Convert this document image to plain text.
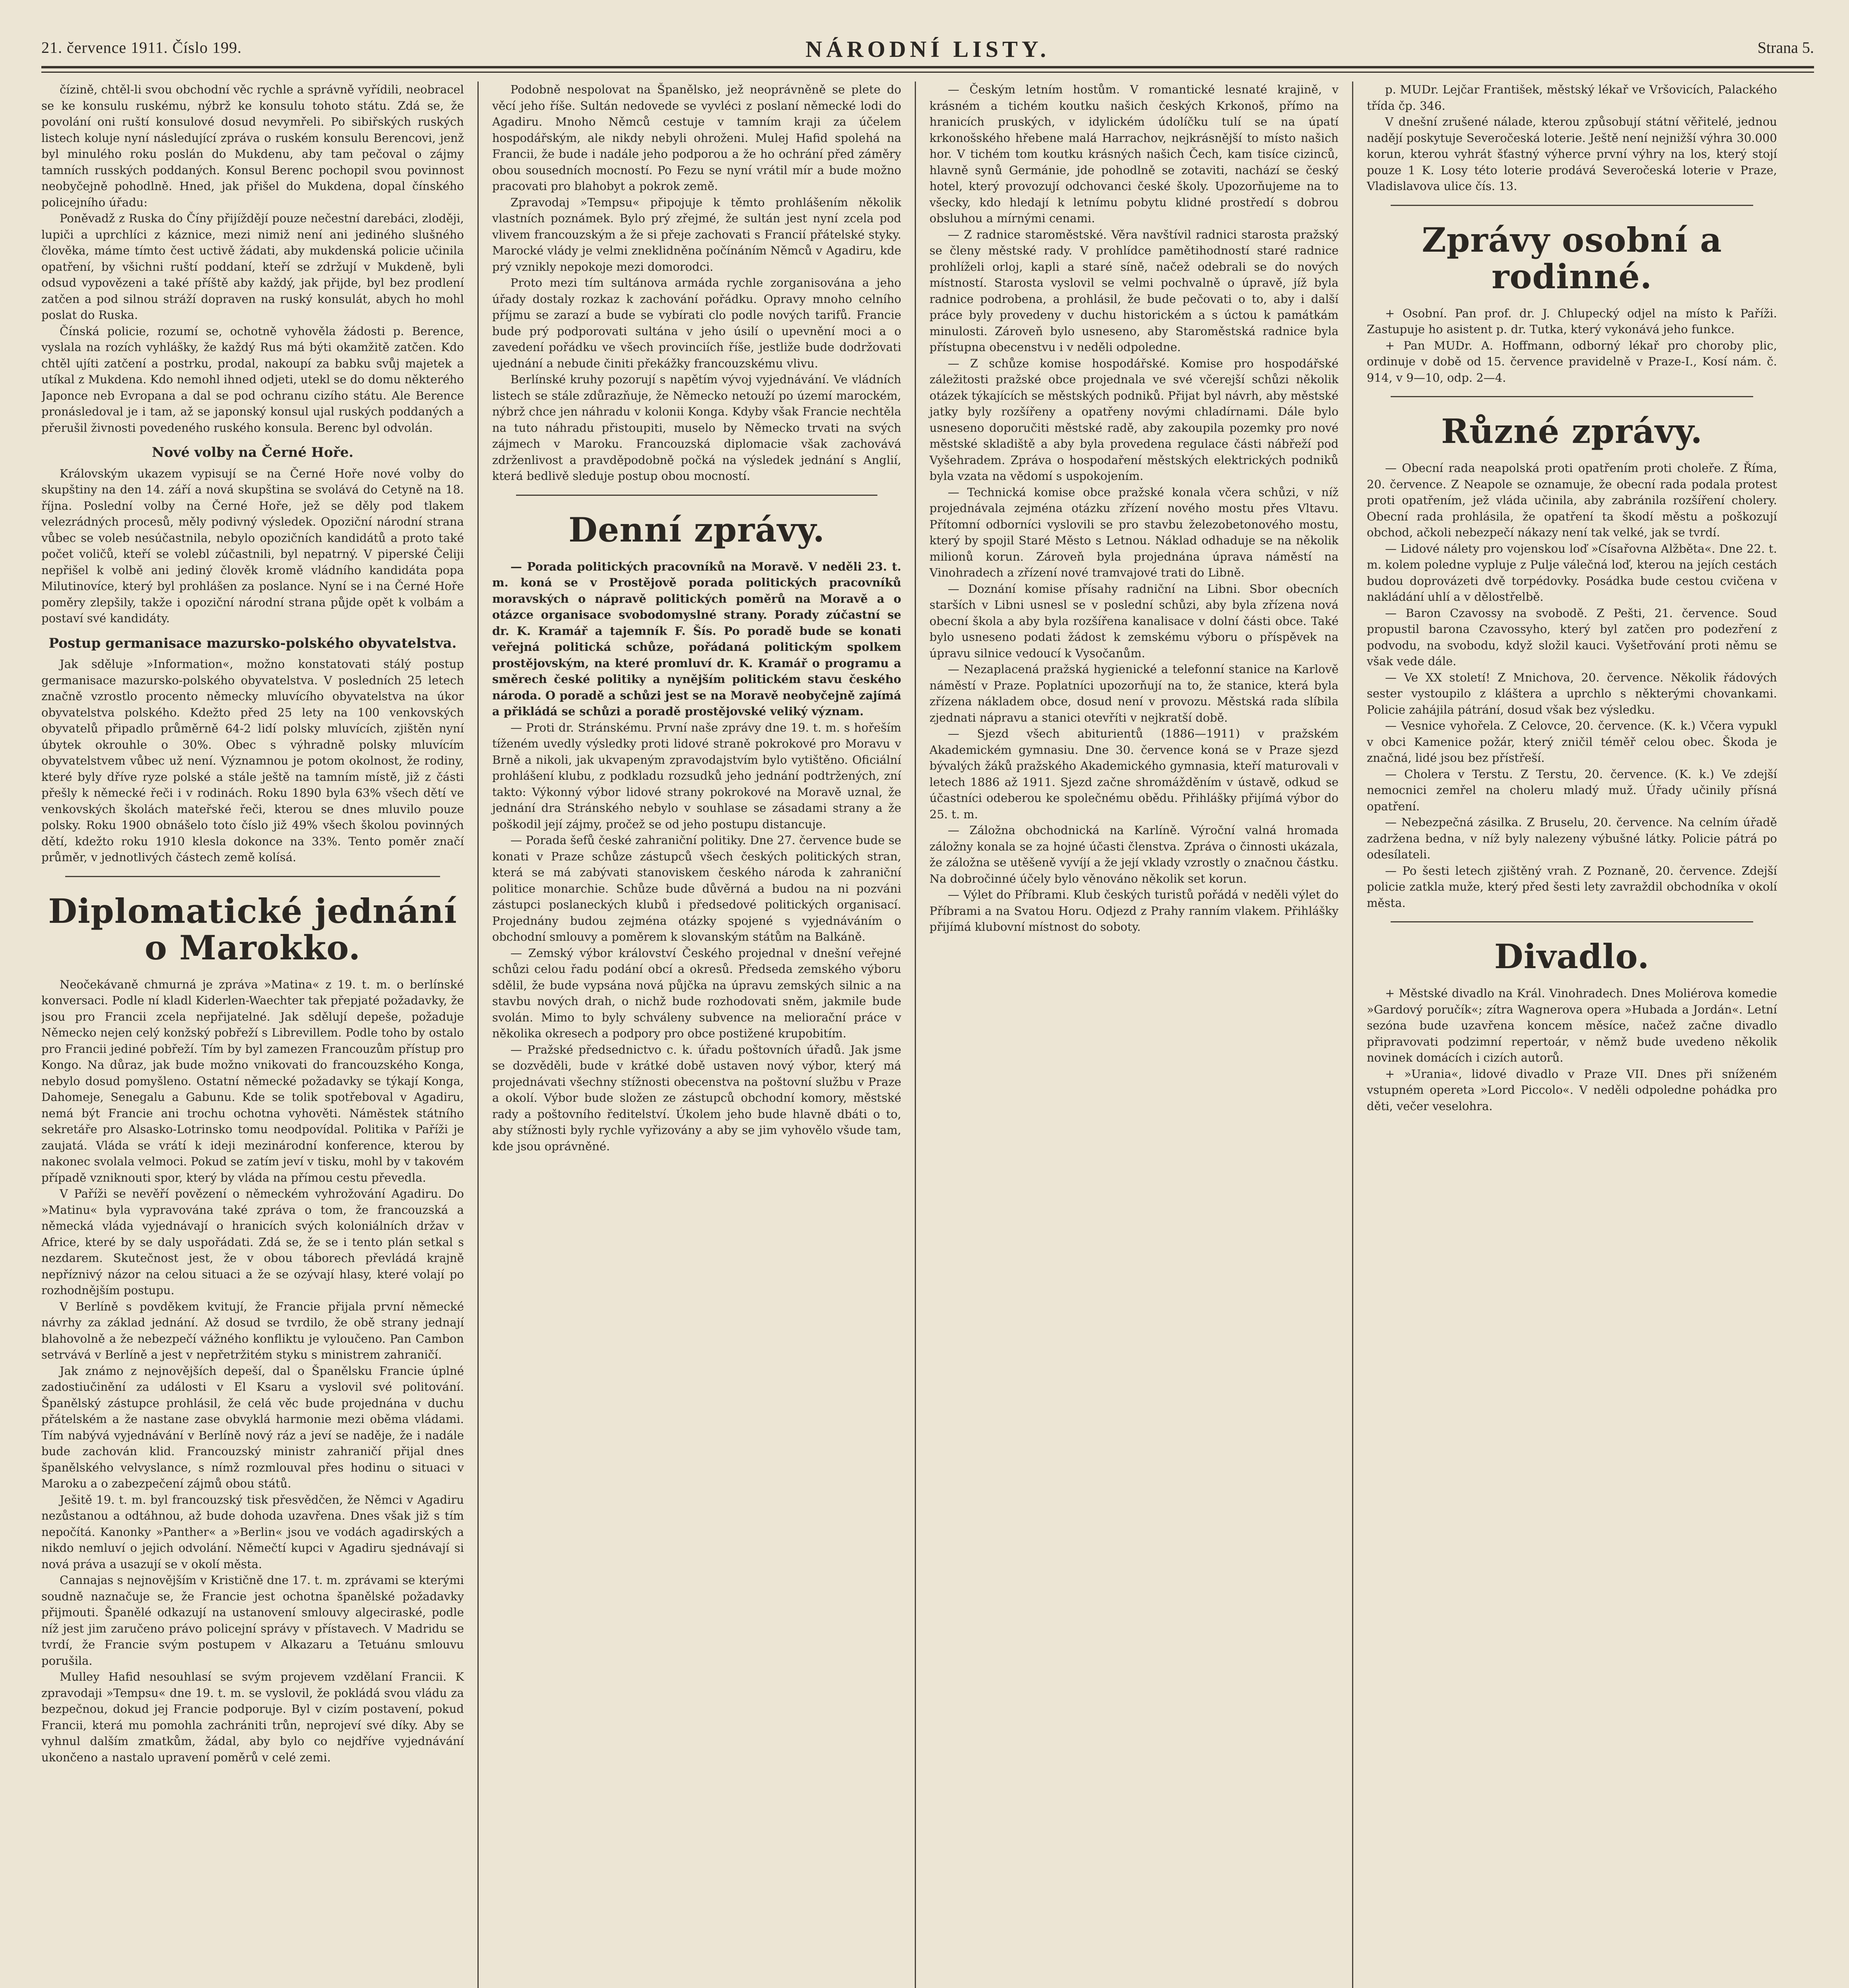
21. července 1911. Číslo 199.	NÁRODNÍ LISTY.	Strana 5.

čízině, chtěl-li svou obchodní věc rychle a správně vyřídili, neobracel se ke konsulu ruskému, nýbrž ke konsulu tohoto státu. Zdá se, že povolání oni ruští konsulové dosud nevymřeli. Po sibiřských ruských listech koluje nyní následující zpráva o ruském konsulu Berencovi, jenž byl minulého roku poslán do Mukdenu, aby tam pečoval o zájmy tamních rusských poddaných. Konsul Berenc pochopil svou povinnost neobyčejně pohodlně. Hned, jak přišel do Mukdena, dopal čínského policejního úřadu:

Poněvadž z Ruska do Číny přijíždějí pouze nečestní darebáci, zloději, lupiči a uprchlíci z káznice, mezi nimiž není ani jediného slušného člověka, máme tímto čest uctivě žádati, aby mukdenská policie učinila opatření, by všichni ruští poddaní, kteří se zdržují v Mukdeně, byli odsud vypovězeni a také příště aby každý, jak přijde, byl bez prodlení zatčen a pod silnou stráží dopraven na ruský konsulát, abych ho mohl poslat do Ruska.

Čínská policie, rozumí se, ochotně vyhověla žádosti p. Berence, vyslala na rozích vyhlášky, že každý Rus má býti okamžitě zatčen. Kdo chtěl ujíti zatčení a postrku, prodal, nakoupí za babku svůj majetek a utíkal z Mukdena. Kdo nemohl ihned odjeti, utekl se do domu některého Japonce neb Evropana a dal se pod ochranu cizího státu. Ale Berence pronásledoval je i tam, až se japonský konsul ujal ruských poddaných a přerušil živnosti povedeného ruského konsula. Berenc byl odvolán.

Nové volby na Černé Hoře.

Královským ukazem vypisují se na Černé Hoře nové volby do skupštiny na den 14. září a nová skupština se svolává do Cetyně na 18. října. Poslední volby na Černé Hoře, jež se děly pod tlakem velezrádných procesů, měly podivný výsledek. Opoziční národní strana vůbec se voleb nesúčastnila, nebylo opozičních kandidátů a proto také počet voličů, kteří se volebl zúčastnili, byl nepatrný. V piperské Čeliji nepřišel k volbě ani jediný člověk kromě vládního kandidáta popa Milutinovíce, který byl prohlášen za poslance. Nyní se i na Černé Hoře poměry zlepšily, takže i opoziční národní strana půjde opět k volbám a postaví své kandidáty.

Postup germanisace mazursko-polského obyvatelstva.

Jak sděluje »Information«, možno konstatovati stálý postup germanisace mazursko-polského obyvatelstva. V posledních 25 letech značně vzrostlo procento německy mluvícího obyvatelstva na úkor obyvatelstva polského. Kdežto před 25 lety na 100 venkovských obyvatelů připadlo průměrně 64-2 lidí polsky mluvících, zjištěn nyní úbytek okrouhle o 30%. Obec s výhradně polsky mluvícím obyvatelstvem vůbec už není. Významnou je potom okolnost, že rodiny, které byly dříve ryze polské a stále ještě na tamním místě, již z části přešly k německé řeči i v rodinách. Roku 1890 byla 63% všech dětí ve venkovských školách mateřské řeči, kterou se dnes mluvilo pouze polsky. Roku 1900 obnášelo toto číslo již 49% všech školou povinných dětí, kdežto roku 1910 klesla dokonce na 33%. Tento poměr značí průměr, v jednotlivých částech země kolísá.

Diplomatické jednání o Marokko.

Neočekávaně chmurná je zpráva »Matina« z 19. t. m. o berlínské konversaci. Podle ní kladl Kiderlen-Waechter tak přepjaté požadavky, že jsou pro Francii zcela nepřijatelné. Jak sdělují depeše, požaduje Německo nejen celý konžský pobřeží s Librevillem. Podle toho by ostalo pro Francii jediné pobřeží. Tím by byl zamezen Francouzům přístup pro Kongo. Na důraz, jak bude možno vnikovati do francouzského Konga, nebylo dosud pomyšleno. Ostatní německé požadavky se týkají Konga, Dahomeje, Senegalu a Gabunu. Kde se tolik spotřeboval v Agadiru, nemá být Francie ani trochu ochotna vyhověti. Náměstek státního sekretáře pro Alsasko-Lotrinsko tomu neodpovídal. Politika v Paříži je zaujatá. Vláda se vrátí k ideji mezinárodní konference, kterou by nakonec svolala velmoci. Pokud se zatím jeví v tisku, mohl by v takovém případě vzniknouti spor, který by vláda na přímou cestu převedla.

V Paříži se nevěří povězení o německém vyhrožování Agadiru. Do »Matinu« byla vypravována také zpráva o tom, že francouzská a německá vláda vyjednávají o hranicích svých koloniálních držav v Africe, které by se daly uspořádati. Zdá se, že se i tento plán setkal s nezdarem. Skutečnost jest, že v obou táborech převládá krajně nepříznivý názor na celou situaci a že se ozývají hlasy, které volají po rozhodnějším postupu.

V Berlíně s povděkem kvitují, že Francie přijala první německé návrhy za základ jednání. Až dosud se tvrdilo, že obě strany jednají blahovolně a že nebezpečí vážného konfliktu je vyloučeno. Pan Cambon setrvává v Berlíně a jest v nepřetržitém styku s ministrem zahraničí.

Jak známo z nejnovějších depeší, dal o Španělsku Francie úplné zadostiučinění za události v El Ksaru a vyslovil své politování. Španělský zástupce prohlásil, že celá věc bude projednána v duchu přátelském a že nastane zase obvyklá harmonie mezi oběma vládami. Tím nabývá vyjednávání v Berlíně nový ráz a jeví se naděje, že i nadále bude zachován klid. Francouzský ministr zahraničí přijal dnes španělského velvyslance, s nímž rozmlouval přes hodinu o situaci v Maroku a o zabezpečení zájmů obou států.

Ješitě 19. t. m. byl francouzský tisk přesvědčen, že Němci v Agadiru nezůstanou a odtáhnou, až bude dohoda uzavřena. Dnes však již s tím nepočítá. Kanonky »Panther« a »Berlin« jsou ve vodách agadirských a nikdo nemluví o jejich odvolání. Němečtí kupci v Agadiru sjednávají si nová práva a usazují se v okolí města.

Cannajas s nejnovějším v Krističně dne 17. t. m. zprávami se kterými soudně naznačuje se, že Francie jest ochotna španělské požadavky přijmouti. Španělé odkazují na ustanovení smlouvy algeciraské, podle níž jest jim zaručeno právo policejní správy v přístavech. V Madridu se tvrdí, že Francie svým postupem v Alkazaru a Tetuánu smlouvu porušila.

Mulley Hafid nesouhlasí se svým projevem vzdělaní Francii. K zpravodaji »Tempsu« dne 19. t. m. se vyslovil, že pokládá svou vládu za bezpečnou, dokud jej Francie podporuje. Byl v cizím postavení, pokud Francii, která mu pomohla zachrániti trůn, neprojeví své díky. Aby se vyhnul dalším zmatkům, žádal, aby bylo co nejdříve vyjednávání ukončeno a nastalo upravení poměrů v celé zemi.

Podobně nespolovat na Španělsko, jež neoprávněně se plete do věcí jeho říše. Sultán nedovede se vyvléci z poslaní německé lodi do Agadiru. Mnoho Němců cestuje v tamním kraji za účelem hospodářským, ale nikdy nebyli ohroženi. Mulej Hafid spolehá na Francii, že bude i nadále jeho podporou a že ho ochrání před záměry obou sousedních mocností. Po Fezu se nyní vrátil mír a bude možno pracovati pro blahobyt a pokrok země.

Zpravodaj »Tempsu« připojuje k těmto prohlášením několik vlastních poznámek. Bylo prý zřejmé, že sultán jest nyní zcela pod vlivem francouzským a že si přeje zachovati s Francií přátelské styky. Marocké vlády je velmi zneklidněna počínáním Němců v Agadiru, kde prý vznikly nepokoje mezi domorodci.

Proto mezi tím sultánova armáda rychle zorganisována a jeho úřady dostaly rozkaz k zachování pořádku. Opravy mnoho celního příjmu se zarazí a bude se vybírati clo podle nových tarifů. Francie bude prý podporovati sultána v jeho úsilí o upevnění moci a o zavedení pořádku ve všech provinciích říše, jestliže bude dodržovati ujednání a nebude činiti překážky francouzskému vlivu.

Berlínské kruhy pozorují s napětím vývoj vyjednávání. Ve vládních listech se stále zdůrazňuje, že Německo netouží po území marockém, nýbrž chce jen náhradu v kolonii Konga. Kdyby však Francie nechtěla na tuto náhradu přistoupiti, muselo by Německo trvati na svých zájmech v Maroku. Francouzská diplomacie však zachovává zdrženlivost a pravděpodobně počká na výsledek jednání s Anglií, která bedlivě sleduje postup obou mocností.

Denní zprávy.

— Porada politických pracovníků na Moravě. V neděli 23. t. m. koná se v Prostějově porada politických pracovníků moravských o nápravě politických poměrů na Moravě a o otázce organisace svobodomyslné strany. Porady zúčastní se dr. K. Kramář a tajemník F. Šís. Po poradě bude se konati veřejná politická schůze, pořádaná politickým spolkem prostějovským, na které promluví dr. K. Kramář o programu a směrech české politiky a nynějším politickém stavu českého národa. O poradě a schůzi jest se na Moravě neobyčejně zajímá a přikládá se schůzi a poradě prostějovské veliký význam.

— Proti dr. Stránskému. První naše zprávy dne 19. t. m. s hořeším tíženém uvedly výsledky proti lidové straně pokrokové pro Moravu v Brně a nikoli, jak ukvapeným zpravodajstvím bylo vytištěno. Oficiální prohlášení klubu, z podkladu rozsudků jeho jednání podtržených, zní takto: Výkonný výbor lidové strany pokrokové na Moravě uznal, že jednání dra Stránského nebylo v souhlase se zásadami strany a že poškodil její zájmy, pročež se od jeho postupu distancuje.

— Porada šefů české zahraniční politiky. Dne 27. července bude se konati v Praze schůze zástupců všech českých politických stran, která se má zabývati stanoviskem českého národa k zahraniční politice monarchie. Schůze bude důvěrná a budou na ni pozváni zástupci poslaneckých klubů i předsedové politických organisací. Projednány budou zejména otázky spojené s vyjednáváním o obchodní smlouvy a poměrem k slovanským státům na Balkáně.

— Zemský výbor království Českého projednal v dnešní veřejné schůzi celou řadu podání obcí a okresů. Předseda zemského výboru sdělil, že bude vypsána nová půjčka na úpravu zemských silnic a na stavbu nových drah, o nichž bude rozhodovati sněm, jakmile bude svolán. Mimo to byly schváleny subvence na meliorační práce v několika okresech a podpory pro obce postižené krupobitím.

— Pražské předsednictvo c. k. úřadu poštovních úřadů. Jak jsme se dozvěděli, bude v krátké době ustaven nový výbor, který má projednávati všechny stížnosti obecenstva na poštovní službu v Praze a okolí. Výbor bude složen ze zástupců obchodní komory, městské rady a poštovního ředitelství. Úkolem jeho bude hlavně dbáti o to, aby stížnosti byly rychle vyřizovány a aby se jim vyhovělo všude tam, kde jsou oprávněné.

— Českým letním hostům. V romantické lesnaté krajině, v krásném a tichém koutku našich českých Krkonoš, přímo na hranicích pruských, v idylickém údolíčku tulí se na úpatí krkonošského hřebene malá Harrachov, nejkrásnější to místo našich hor. V tichém tom koutku krásných našich Čech, kam tisíce cizinců, hlavně synů Germánie, jde pohodlně se zotaviti, nachází se český hotel, který provozují odchovanci české školy. Upozorňujeme na to všecky, kdo hledají k letnímu pobytu klidné prostředí s dobrou obsluhou a mírnými cenami.

— Z radnice staroměstské. Věra navštívil radnici starosta pražský se členy městské rady. V prohlídce pamětihodností staré radnice prohlíželi orloj, kapli a staré síně, načež odebrali se do nových místností. Starosta vyslovil se velmi pochvalně o úpravě, jíž byla radnice podrobena, a prohlásil, že bude pečovati o to, aby i další práce byly provedeny v duchu historickém a s úctou k památkám minulosti. Zároveň bylo usneseno, aby Staroměstská radnice byla přístupna obecenstvu i v neděli odpoledne.

— Z schůze komise hospodářské. Komise pro hospodářské záležitosti pražské obce projednala ve své včerejší schůzi několik otázek týkajících se městských podniků. Přijat byl návrh, aby městské jatky byly rozšířeny a opatřeny novými chladírnami. Dále bylo usneseno doporučiti městské radě, aby zakoupila pozemky pro nové městské skladiště a aby byla provedena regulace části nábřeží pod Vyšehradem. Zpráva o hospodaření městských elektrických podniků byla vzata na vědomí s uspokojením.

— Technická komise obce pražské konala včera schůzi, v níž projednávala zejména otázku zřízení nového mostu přes Vltavu. Přítomní odborníci vyslovili se pro stavbu železobetonového mostu, který by spojil Staré Město s Letnou. Náklad odhaduje se na několik milionů korun. Zároveň byla projednána úprava náměstí na Vinohradech a zřízení nové tramvajové trati do Libně.

— Doznání komise přísahy radniční na Libni. Sbor obecních starších v Libni usnesl se v poslední schůzi, aby byla zřízena nová obecní škola a aby byla rozšířena kanalisace v dolní části obce. Také bylo usneseno podati žádost k zemskému výboru o příspěvek na úpravu silnice vedoucí k Vysočanům.

— Nezaplacená pražská hygienické a telefonní stanice na Karlově náměstí v Praze. Poplatníci upozorňují na to, že stanice, která byla zřízena nákladem obce, dosud není v provozu. Městská rada slíbila zjednati nápravu a stanici otevříti v nejkratší době.

— Sjezd všech abiturientů (1886—1911) v pražském Akademickém gymnasiu. Dne 30. července koná se v Praze sjezd bývalých žáků pražského Akademického gymnasia, kteří maturovali v letech 1886 až 1911. Sjezd začne shromážděním v ústavě, odkud se účastníci odeberou ke společnému obědu. Přihlášky přijímá výbor do 25. t. m.

— Záložna obchodnická na Karlíně. Výroční valná hromada záložny konala se za hojné účasti členstva. Zpráva o činnosti ukázala, že záložna se utěšeně vyvíjí a že její vklady vzrostly o značnou částku. Na dobročinné účely bylo věnováno několik set korun.

— Výlet do Příbrami. Klub českých turistů pořádá v neděli výlet do Příbrami a na Svatou Horu. Odjezd z Prahy ranním vlakem. Přihlášky přijímá klubovní místnost do soboty.

p. MUDr. Lejčar František, městský lékař ve Vršovicích, Palackého třída čp. 346.

V dnešní zrušené nálade, kterou způsobují státní věřitelé, jednou nadějí poskytuje Severočeská loterie. Ještě není nejnižší výhra 30.000 korun, kterou vyhrát šťastný výherce první výhry na los, který stojí pouze 1 K. Losy této loterie prodává Severočeská loterie v Praze, Vladislavova ulice čís. 13.

Zprávy osobní a rodinné.

+ Osobní. Pan prof. dr. J. Chlupecký odjel na místo k Paříži. Zastupuje ho asistent p. dr. Tutka, který vykonává jeho funkce.

+ Pan MUDr. A. Hoffmann, odborný lékař pro choroby plic, ordinuje v době od 15. července pravidelně v Praze-I., Kosí nám. č. 914, v 9—10, odp. 2—4.

Různé zprávy.

— Obecní rada neapolská proti opatřením proti choleře. Z Říma, 20. července. Z Neapole se oznamuje, že obecní rada podala protest proti opatřením, jež vláda učinila, aby zabránila rozšíření cholery. Obecní rada prohlásila, že opatření ta škodí městu a poškozují obchod, ačkoli nebezpečí nákazy není tak velké, jak se tvrdí.

— Lidové nálety pro vojenskou loď »Císařovna Alžběta«. Dne 22. t. m. kolem poledne vypluje z Pulje válečná loď, kterou na jejích cestách budou doprovázeti dvě torpédovky. Posádka bude cestou cvičena v nakládání uhlí a v dělostřelbě.

— Baron Czavossy na svobodě. Z Pešti, 21. července. Soud propustil barona Czavossyho, který byl zatčen pro podezření z podvodu, na svobodu, když složil kauci. Vyšetřování proti němu se však vede dále.

— Ve XX století! Z Mnichova, 20. července. Několik řádových sester vystoupilo z kláštera a uprchlo s některými chovankami. Policie zahájila pátrání, dosud však bez výsledku.

— Vesnice vyhořela. Z Celovce, 20. července. (K. k.) Včera vypukl v obci Kamenice požár, který zničil téměř celou obec. Škoda je značná, lidé jsou bez přístřeší.

— Cholera v Terstu. Z Terstu, 20. července. (K. k.) Ve zdejší nemocnici zemřel na choleru mladý muž. Úřady učinily přísná opatření.

— Nebezpečná zásilka. Z Bruselu, 20. července. Na celním úřadě zadržena bedna, v níž byly nalezeny výbušné látky. Policie pátrá po odesílateli.

— Po šesti letech zjištěný vrah. Z Poznaně, 20. července. Zdejší policie zatkla muže, který před šesti lety zavraždil obchodníka v okolí města.

Divadlo.

+ Městské divadlo na Král. Vinohradech. Dnes Moliérova komedie »Gardový poručík«; zítra Wagnerova opera »Hubada a Jordán«. Letní sezóna bude uzavřena koncem měsíce, načež začne divadlo připravovati podzimní repertoár, v němž bude uvedeno několik novinek domácích i cizích autorů.

+ »Urania«, lidové divadlo v Praze VII. Dnes při sníženém vstupném opereta »Lord Piccolo«. V neděli odpoledne pohádka pro děti, večer veselohra.
